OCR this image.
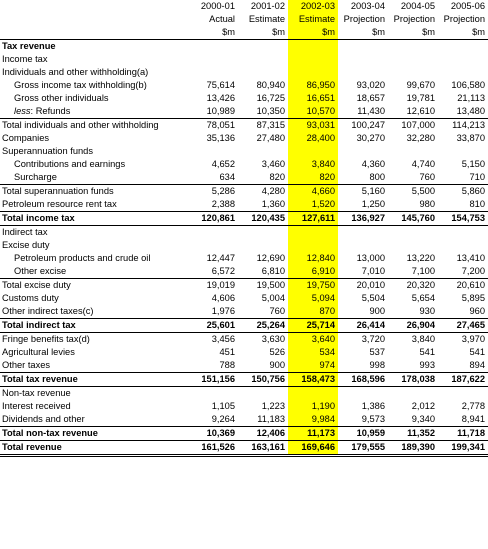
	2000-01	2001-02	2002-03	2003-04	2004-05	2005-06
	Actual	Estimate	Estimate	Projection	Projection	Projection
	$m	$m	$m	$m	$m	$m
Tax revenue						
Income tax						
Individuals and other withholding(a)						
Gross income tax withholding(b)	75,614	80,940	86,950	93,020	99,670	106,580
Gross other individuals	13,426	16,725	16,651	18,657	19,781	21,113
less: Refunds	10,989	10,350	10,570	11,430	12,610	13,480
Total individuals and other withholding	78,051	87,315	93,031	100,247	107,000	114,213
Companies	35,136	27,480	28,400	30,270	32,280	33,870
Superannuation funds						
Contributions and earnings	4,652	3,460	3,840	4,360	4,740	5,150
Surcharge	634	820	820	800	760	710
Total superannuation funds	5,286	4,280	4,660	5,160	5,500	5,860
Petroleum resource rent tax	2,388	1,360	1,520	1,250	980	810
Total income tax	120,861	120,435	127,611	136,927	145,760	154,753
Indirect tax						
Excise duty						
Petroleum products and crude oil	12,447	12,690	12,840	13,000	13,220	13,410
Other excise	6,572	6,810	6,910	7,010	7,100	7,200
Total excise duty	19,019	19,500	19,750	20,010	20,320	20,610
Customs duty	4,606	5,004	5,094	5,504	5,654	5,895
Other indirect taxes(c)	1,976	760	870	900	930	960
Total indirect tax	25,601	25,264	25,714	26,414	26,904	27,465
Fringe benefits tax(d)	3,456	3,630	3,640	3,720	3,840	3,970
Agricultural levies	451	526	534	537	541	541
Other taxes	788	900	974	998	993	894
Total tax revenue	151,156	150,756	158,473	168,596	178,038	187,622
Non-tax revenue						
Interest received	1,105	1,223	1,190	1,386	2,012	2,778
Dividends and other	9,264	11,183	9,984	9,573	9,340	8,941
Total non-tax revenue	10,369	12,406	11,173	10,959	11,352	11,718
Total revenue	161,526	163,161	169,646	179,555	189,390	199,341
